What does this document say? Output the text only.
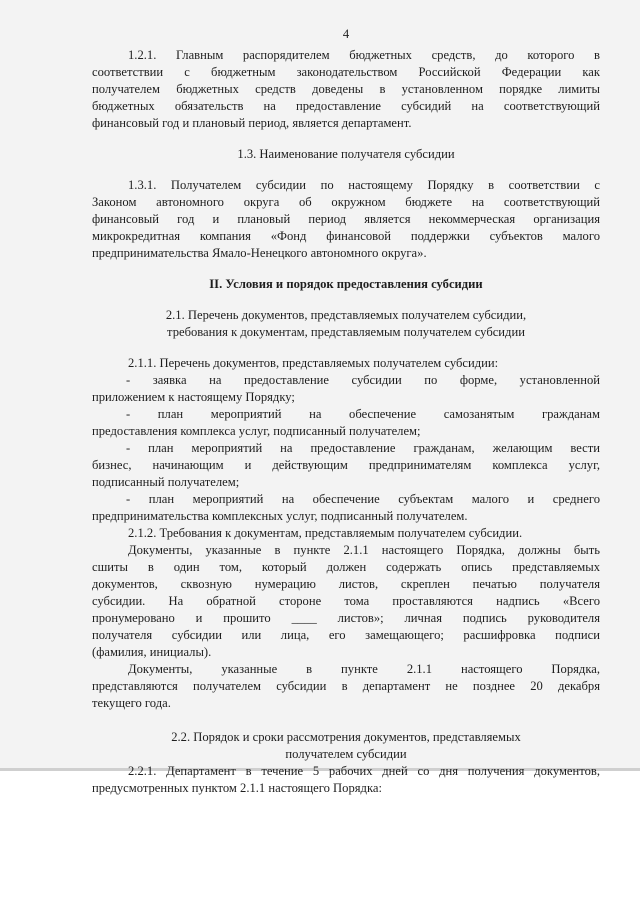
4

1.2.1. Главным распорядителем бюджетных средств, до которого в

соответствии с бюджетным законодательством Российской Федерации как

получателем бюджетных средств доведены в установленном порядке лимиты

бюджетных обязательств на предоставление субсидий на соответствующий

финансовый год и плановый период, является департамент.

1.3. Наименование получателя субсидии

1.3.1. Получателем субсидии по настоящему Порядку в соответствии с

Законом автономного округа об окружном бюджете на соответствующий

финансовый год и плановый период является некоммерческая организация

микрокредитная компания «Фонд финансовой поддержки субъектов малого

предпринимательства Ямало-Ненецкого автономного округа».

II. Условия и порядок предоставления субсидии

2.1. Перечень документов, представляемых получателем субсидии,

требования к документам, представляемым получателем субсидии

2.1.1. Перечень документов, представляемых получателем субсидии:

- заявка на предоставление субсидии по форме, установленной

приложением к настоящему Порядку;

- план мероприятий на обеспечение самозанятым гражданам

предоставления комплекса услуг, подписанный получателем;

- план мероприятий на предоставление гражданам, желающим вести

бизнес, начинающим и действующим предпринимателям комплекса услуг,

подписанный получателем;

- план мероприятий на обеспечение субъектам малого и среднего

предпринимательства комплексных услуг, подписанный получателем.

2.1.2. Требования к документам, представляемым получателем субсидии.

Документы, указанные в пункте 2.1.1 настоящего Порядка, должны быть

сшиты в один том, который должен содержать опись представляемых

документов, сквозную нумерацию листов, скреплен печатью получателя

субсидии. На обратной стороне тома проставляются надпись «Всего

пронумеровано и прошито ____ листов»; личная подпись руководителя

получателя субсидии или лица, его замещающего; расшифровка подписи

(фамилия, инициалы).

Документы, указанные в пункте 2.1.1 настоящего Порядка,

представляются получателем субсидии в департамент не позднее 20 декабря

текущего года.

2.2. Порядок и сроки рассмотрения документов, представляемых

получателем субсидии

2.2.1. Департамент в течение 5 рабочих дней со дня получения документов,

предусмотренных пунктом 2.1.1 настоящего Порядка:
